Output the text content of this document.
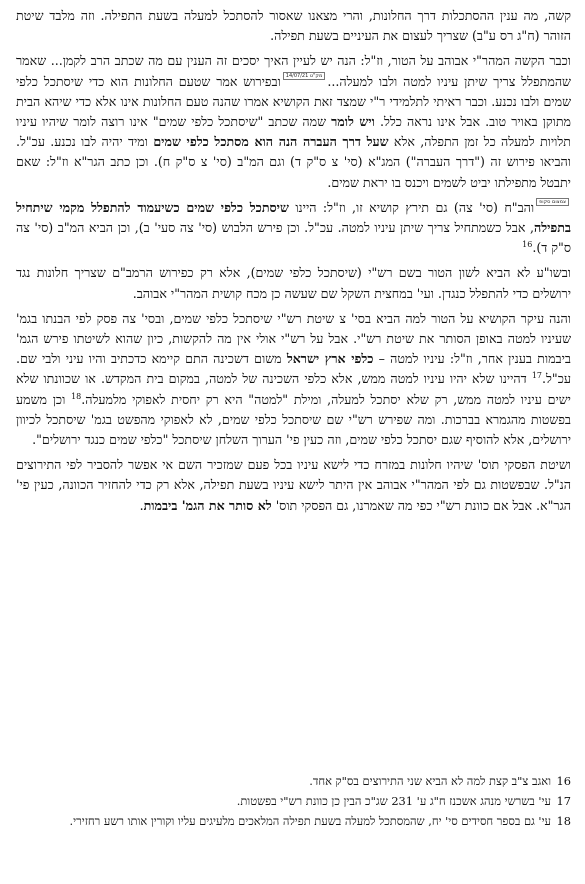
קשה, מה ענין ההסתכלות דרך החלונות, והרי מצאנו שאסור להסתכל למעלה בשעת התפילה. וזה מלבד שיטת הזוהר (ח"ג רס ע"ב) שצריך לעצום את העיניים בשעת תפילה.

וכבר הקשה המהר"י אבוהב על הטור, וז"ל: הנה יש לעיין האיך יסכים זה הענין עם מה שכתב הרב לקמן... שאמר שהמתפלל צריך שיתן עיניו למטה ולבו למעלה...מק"ט 14/07/21ובפירוש אמר שטעם החלונות הוא כדי שיסתכל כלפי שמים ולבו נכנע. וכבר ראיתי לתלמידי ר"י שמצד זאת הקושיא אמרו שהנה טעם החלונות אינו אלא כדי שיהא הבית מתוקן באויר טוב. אבל אינו נראה כלל. ויש לומר שמה שכתב "שיסתכל כלפי שמים" אינו רוצה לומר שיהיו עיניו תלויות למעלה כל זמן התפלה, אלא שעל דרך העברה הנה הוא מסתכל כלפי שמים ומיד יהיה לבו נכנע. עכ"ל. והביאו פירוש זה ("דרך העברה") המג"א (סי' צ ס"ק ד) וגם המ"ב (סי' צ ס"ק ח). וכן כתב הגר"א וז"ל: שאם יתבטל מתפילתו יביט לשמים ויכנס בו יראת שמים.

צמצום סקופוהב"ח (סי' צה) גם תירץ קושיא זו, וז"ל: היינו שיסתכל כלפי שמים כשיעמוד להתפלל מקמי שיתחיל בתפילה, אבל כשמתחיל צריך שיתן עיניו למטה. עכ"ל. וכן פירש הלבוש (סי' צה סעי' ב), וכן הביא המ"ב (סי' צה ס"ק ד).$^{16}$

ובשו"ע לא הביא לשון הטור בשם רש"י (שיסתכל כלפי שמים), אלא רק כפירוש הרמב"ם שצריך חלונות נגד ירושלים כדי להתפלל כנגדן. ועי' במחצית השקל שם שעשה כן מכח קושית המהר"י אבוהב.

והנה עיקר הקושיא על הטור למה הביא בסי' צ שיטת רש"י שיסתכל כלפי שמים, ובסי' צה פסק לפי הבנתו בגמ' שעיניו למטה באופן הסותר את שיטת רש"י. אבל על רש"י אולי אין מה להקשות, כיון שהוא לשיטתו פירש הגמ' ביבמות בענין אחר, וז"ל: עיניו למטה – כלפי ארץ ישראל משום דשכינה התם קיימא כדכתיב והיו עיני ולבי שם. עכ"ל.$^{17}$ דהיינו שלא יהיו עיניו למטה ממש, אלא כלפי השכינה של למטה, במקום בית המקדש. או שכוונתו שלא ישים עיניו למטה ממש, רק שלא יסתכל למעלה, ומילת "למטה" היא רק יחסית לאפוקי מלמעלה.$^{18}$ וכן משמע בפשטות מהגמרא בברכות. ומה שפירש רש"י שם שיסתכל כלפי שמים, לא לאפוקי מהפשט בגמ' שיסתכל לכיוון ירושלים, אלא להוסיף שגם יסתכל כלפי שמים, וזה כעין פי' הערוך השלחן שיסתכל "כלפי שמים כנגד ירושלים".

ושיטת הפסקי תוס' שיהיו חלונות במזרח כדי לישא עיניו בכל פעם שמזכיר השם אי אפשר להסביר לפי התירוצים הנ"ל. שבפשטות גם לפי המהר"י אבוהב אין היתר לישא עיניו בשעת תפילה, אלא רק כדי להחזיר הכוונה, כעין פי' הגר"א. אבל אם כוונת רש"י כפי מה שאמרנו, גם הפסקי תוס' לא סותר את הגמ' ביבמות.

16
ואגב צ"ב קצת למה לא הביא שני התירוצים בס"ק אחד.
17
עי' בשרשי מנהג אשכנז ח"ג ע' 231 שג"כ הבין כן כוונת רש"י בפשטות.
18
עי' גם בספר חסידים סי' יח, שהמסתכל למעלה בשעת תפילה המלאכים מלעיגים עליו וקורין אותו רשע רחזירי.
